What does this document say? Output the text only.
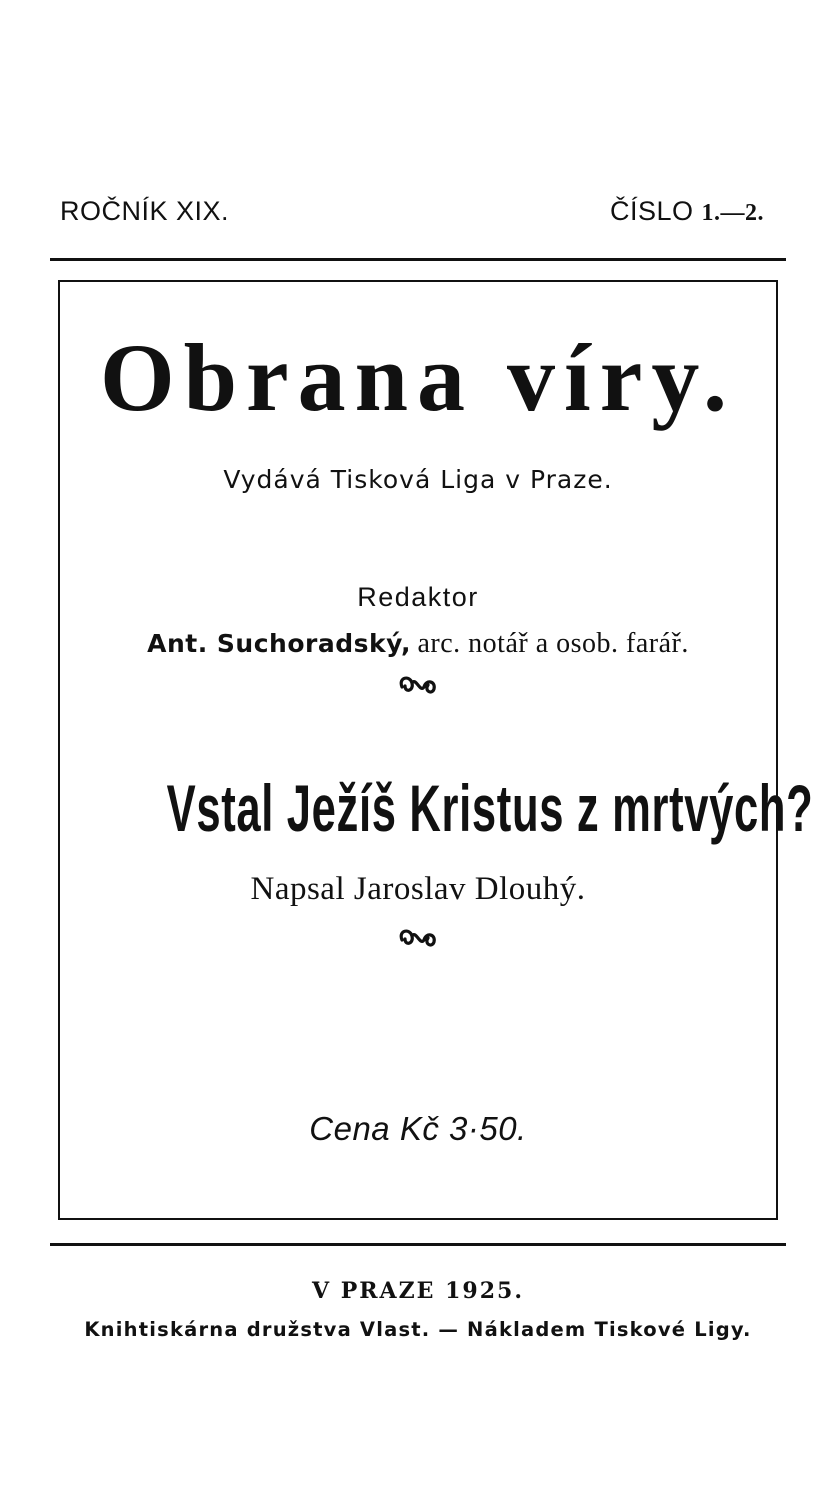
ROČNÍK XIX.	ČÍSLO 1.—2.
Obrana víry.
Vydává Tisková Liga v Praze.
Redaktor
Ant. Suchoradský, arc. notář a osob. farář.
Vstal Ježíš Kristus z mrtvých?
Napsal Jaroslav Dlouhý.
Cena Kč 3·50.
V PRAZE 1925.
Knihtiskárna družstva Vlast. — Nákladem Tiskové Ligy.
